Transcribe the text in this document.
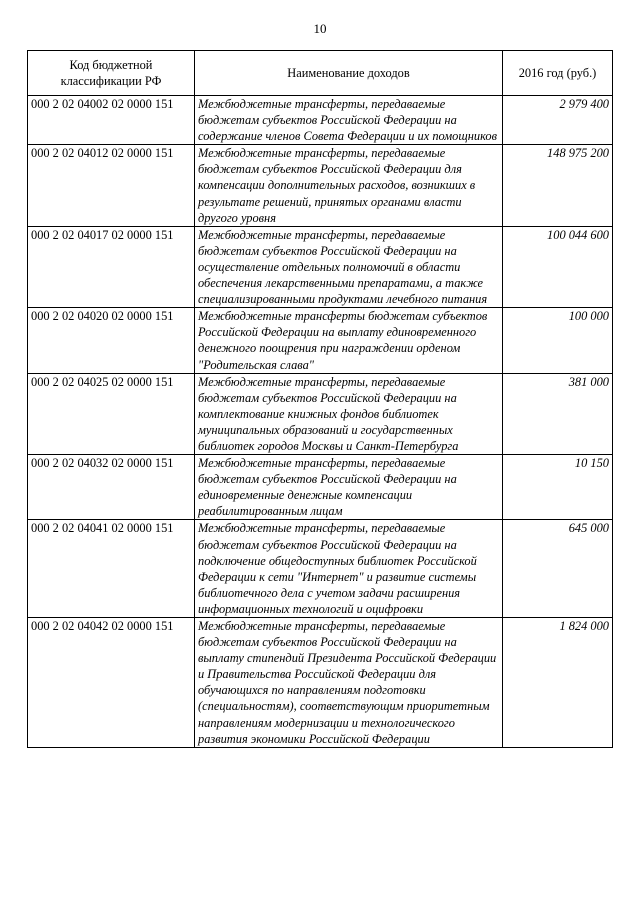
10
Код бюджетной классификации РФ	Наименование доходов	2016 год (руб.)
000 2 02 04002 02 0000 151	Межбюджетные трансферты, передаваемые бюджетам субъектов Российской Федерации на содержание членов Совета Федерации и их помощников	2 979 400
000 2 02 04012 02 0000 151	Межбюджетные трансферты, передаваемые бюджетам субъектов Российской Федерации для компенсации дополнительных расходов, возникших в результате решений, принятых органами власти другого уровня	148 975 200
000 2 02 04017 02 0000 151	Межбюджетные трансферты, передаваемые бюджетам субъектов Российской Федерации на осуществление отдельных полномочий в области обеспечения лекарственными препаратами, а также специализированными продуктами лечебного питания	100 044 600
000 2 02 04020 02 0000 151	Межбюджетные трансферты бюджетам субъектов Российской Федерации на выплату единовременного денежного поощрения при награждении орденом "Родительская слава"	100 000
000 2 02 04025 02 0000 151	Межбюджетные трансферты, передаваемые бюджетам субъектов Российской Федерации на комплектование книжных фондов библиотек муниципальных образований и государственных библиотек городов Москвы и Санкт-Петербурга	381 000
000 2 02 04032 02 0000 151	Межбюджетные трансферты, передаваемые бюджетам субъектов Российской Федерации на единовременные денежные компенсации реабилитированным лицам	10 150
000 2 02 04041 02 0000 151	Межбюджетные трансферты, передаваемые бюджетам субъектов Российской Федерации на подключение общедоступных библиотек Российской Федерации к сети "Интернет" и развитие системы библиотечного дела с учетом задачи расширения информационных технологий и оцифровки	645 000
000 2 02 04042 02 0000 151	Межбюджетные трансферты, передаваемые бюджетам субъектов Российской Федерации на выплату стипендий Президента Российской Федерации и Правительства Российской Федерации для обучающихся по направлениям подготовки (специальностям), соответствующим приоритетным направлениям модернизации и технологического развития экономики Российской Федерации	1 824 000
